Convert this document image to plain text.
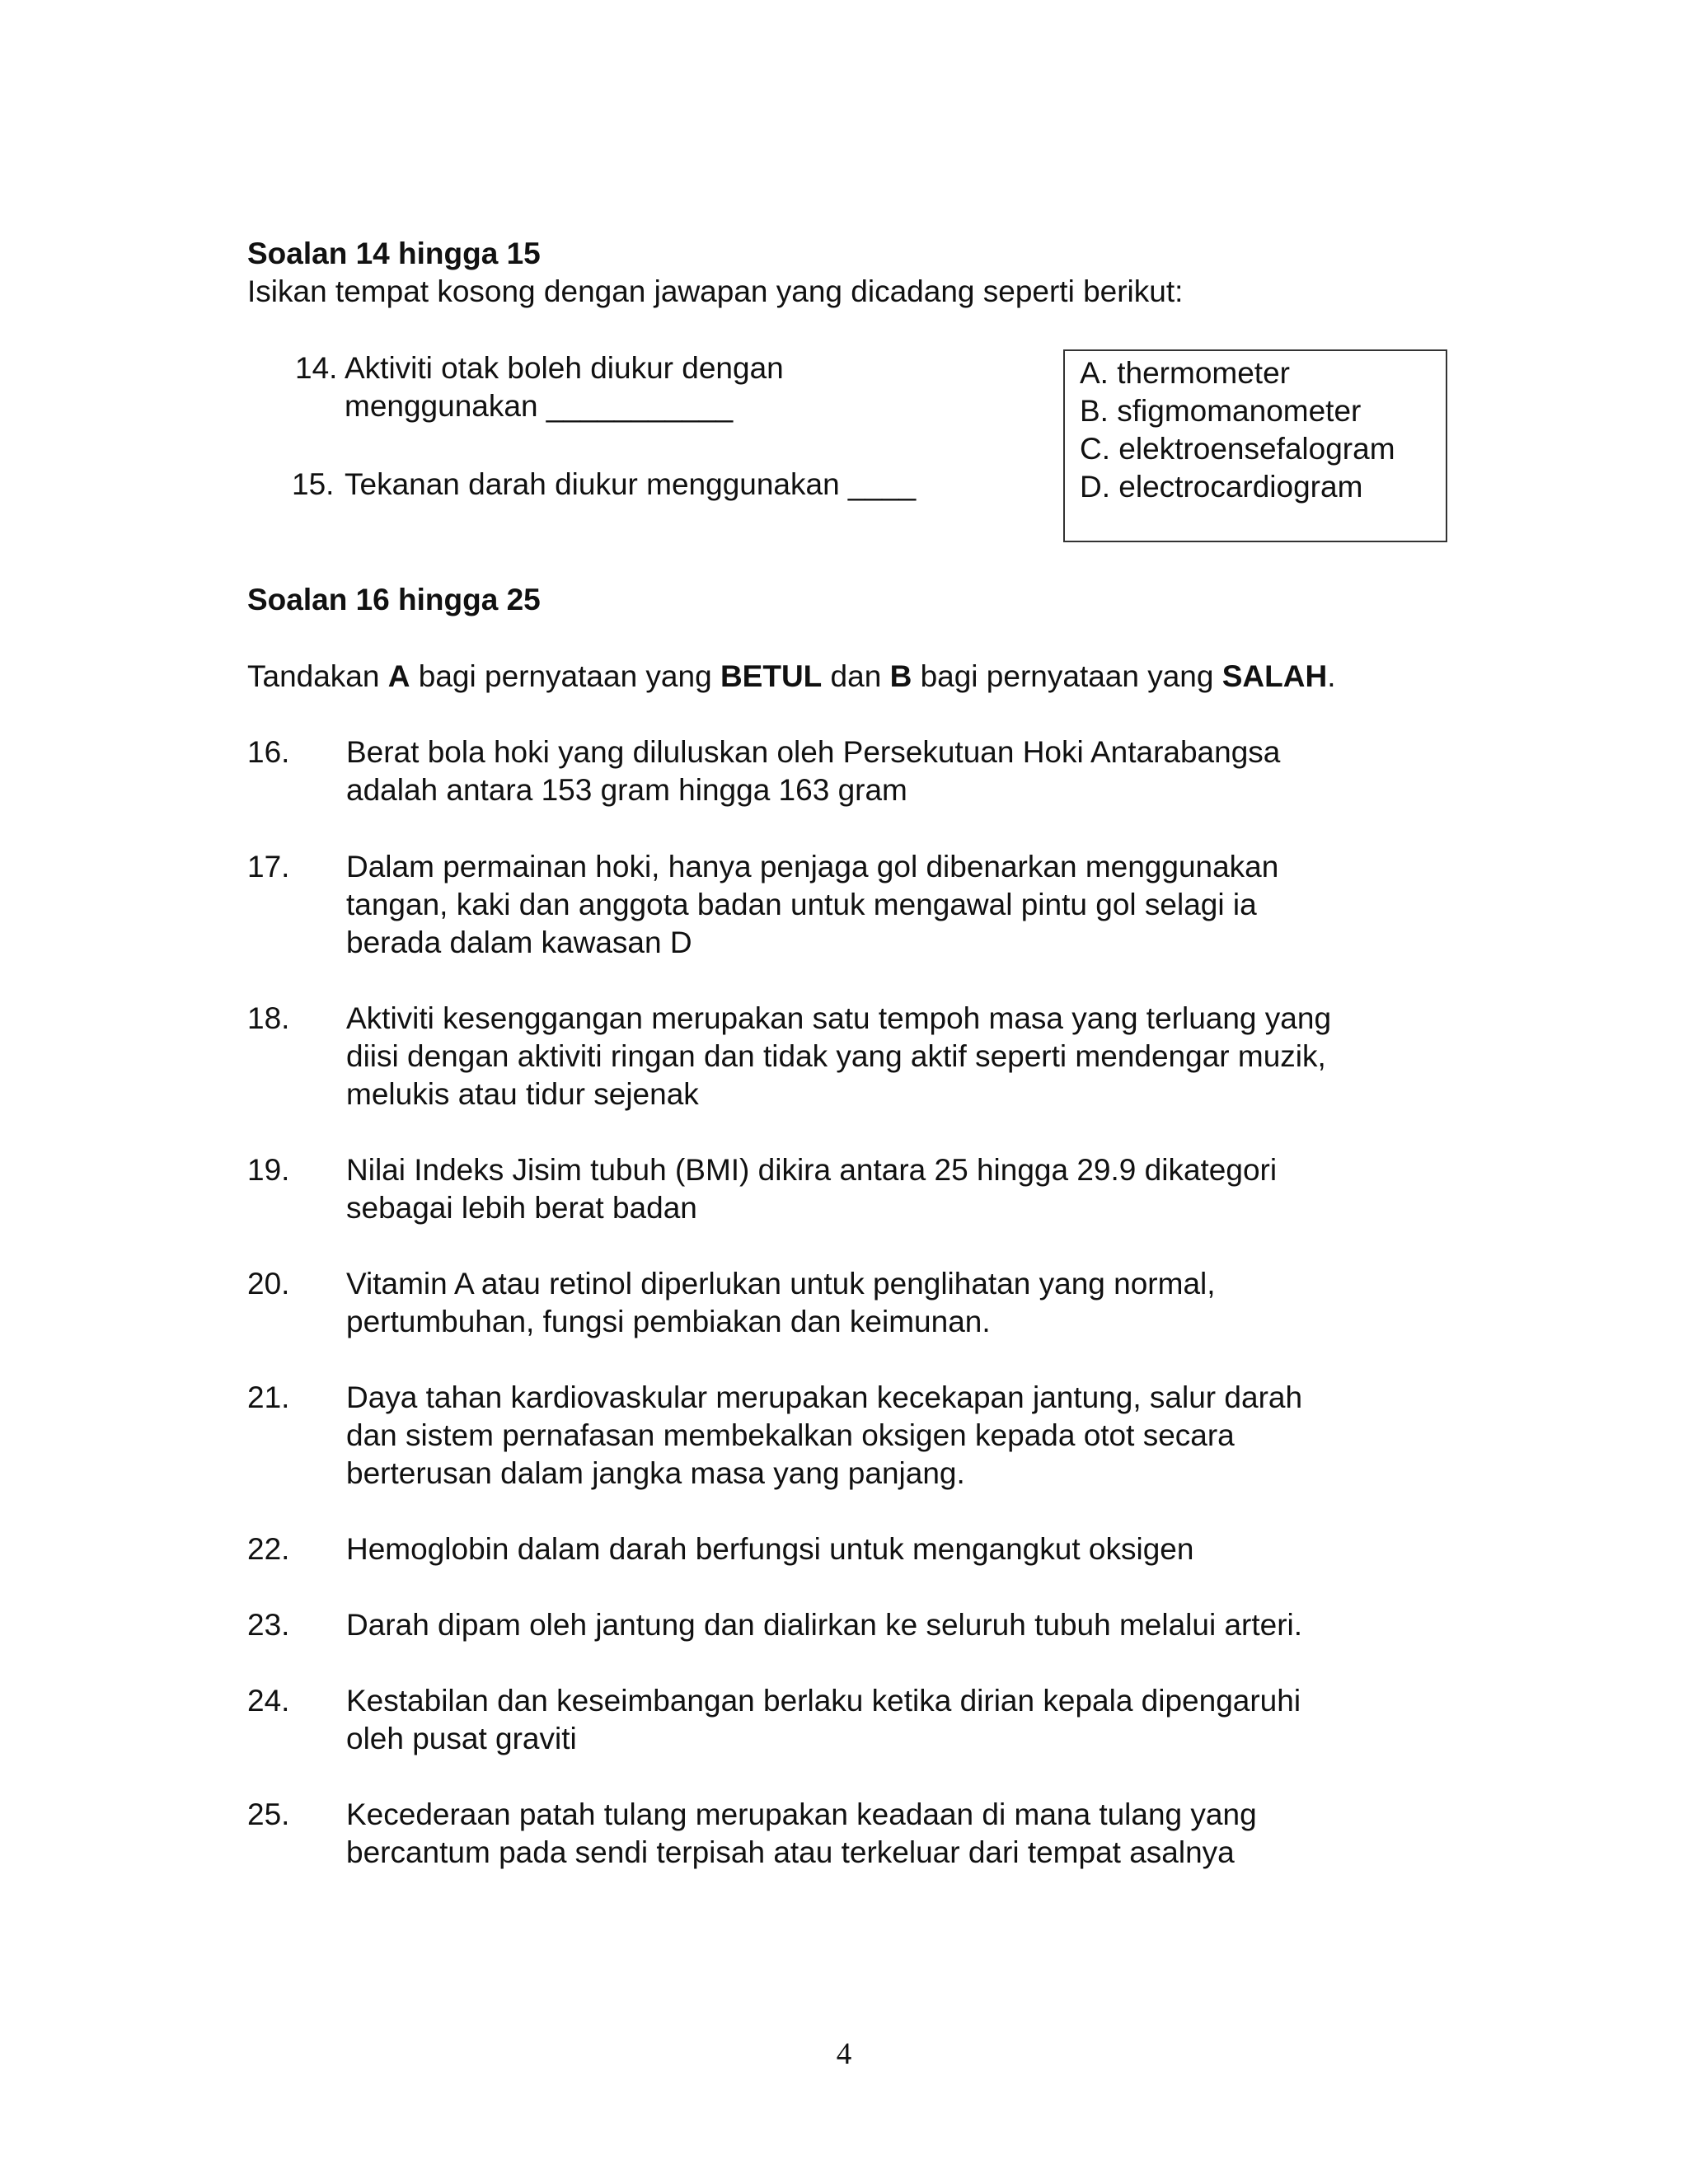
Soalan 14 hingga 15
Isikan tempat kosong dengan jawapan yang dicadang seperti berikut:
14. Aktiviti otak boleh diukur dengan
menggunakan ___________
15. Tekanan darah diukur menggunakan ____
A. thermometer
B. sfigmomanometer
C. elektroensefalogram
D. electrocardiogram
Soalan 16 hingga 25
Tandakan A bagi pernyataan yang BETUL dan B bagi pernyataan yang SALAH.
16. Berat bola hoki yang diluluskan oleh Persekutuan Hoki Antarabangsa
adalah antara 153 gram hingga 163 gram
17. Dalam permainan hoki, hanya penjaga gol dibenarkan menggunakan
tangan, kaki dan anggota badan untuk mengawal pintu gol selagi ia
berada dalam kawasan D
18. Aktiviti kesenggangan merupakan satu tempoh masa yang terluang yang
diisi dengan aktiviti ringan dan tidak yang aktif seperti mendengar muzik,
melukis atau tidur sejenak
19. Nilai Indeks Jisim tubuh (BMI) dikira antara 25 hingga 29.9 dikategori
sebagai lebih berat badan
20. Vitamin A atau retinol diperlukan untuk penglihatan yang normal,
pertumbuhan, fungsi pembiakan dan keimunan.
21. Daya tahan kardiovaskular merupakan kecekapan jantung, salur darah
dan sistem pernafasan membekalkan oksigen kepada otot secara
berterusan dalam jangka masa yang panjang.
22. Hemoglobin dalam darah berfungsi untuk mengangkut oksigen
23. Darah dipam oleh jantung dan dialirkan ke seluruh tubuh melalui arteri.
24. Kestabilan dan keseimbangan berlaku ketika dirian kepala dipengaruhi
oleh pusat graviti
25. Kecederaan patah tulang merupakan keadaan di mana tulang yang
bercantum pada sendi terpisah atau terkeluar dari tempat asalnya
4
